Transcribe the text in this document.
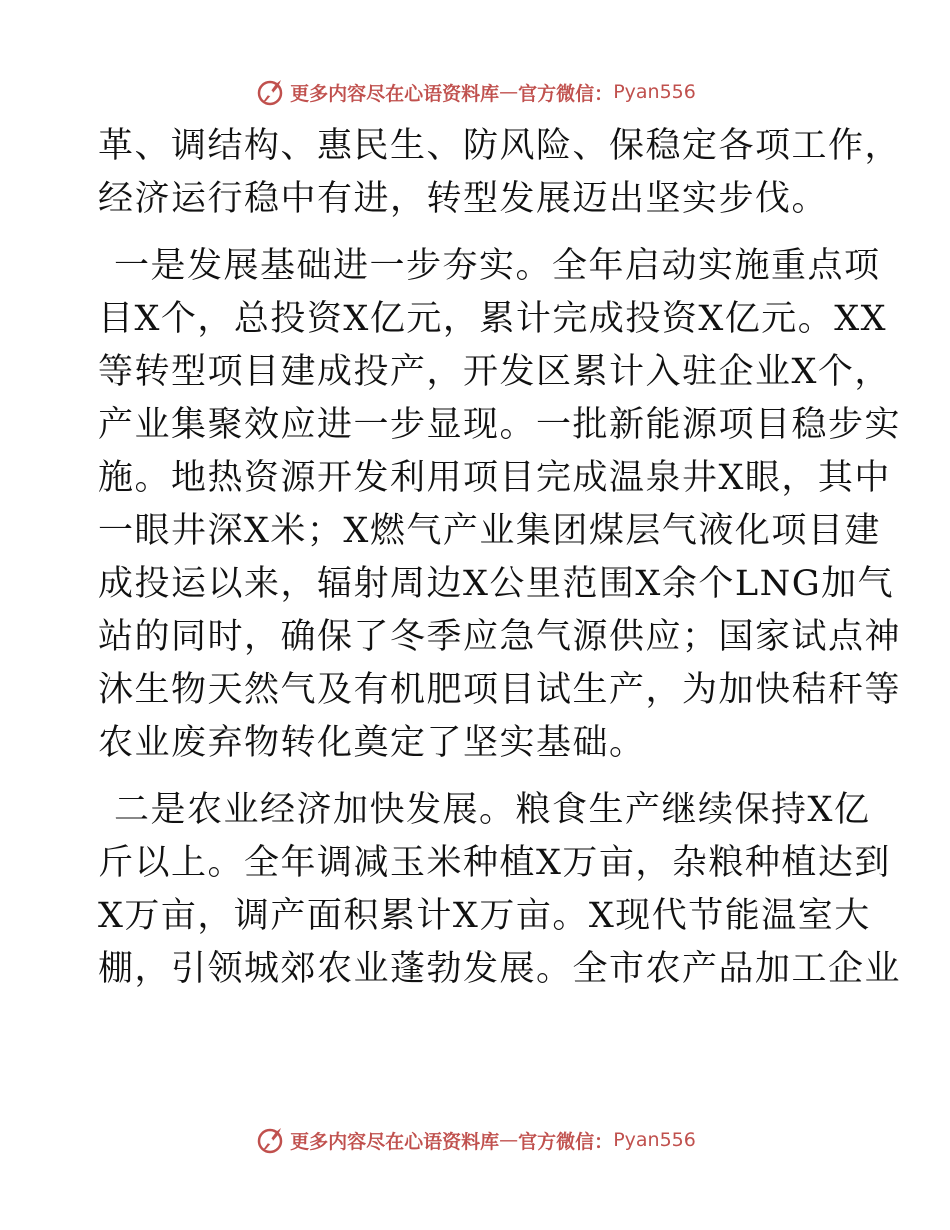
更多内容尽在心语资料库 — 官方微信： Pyan556
革、调结构、惠民生、防风险、保稳定各项工作，
经济运行稳中有进，转型发展迈出坚实步伐。
一是发展基础进一步夯实。全年启动实施重点项
目X个，总投资X亿元，累计完成投资X亿元。XX
等转型项目建成投产，开发区累计入驻企业X个，
产业集聚效应进一步显现。一批新能源项目稳步实
施。地热资源开发利用项目完成温泉井X眼，其中
一眼井深X米；X燃气产业集团煤层气液化项目建
成投运以来，辐射周边X公里范围X余个LNG加气
站的同时，确保了冬季应急气源供应；国家试点神
沐生物天然气及有机肥项目试生产，为加快秸秆等
农业废弃物转化奠定了坚实基础。
二是农业经济加快发展。粮食生产继续保持X亿
斤以上。全年调减玉米种植X万亩，杂粮种植达到
X万亩，调产面积累计X万亩。X现代节能温室大
棚，引领城郊农业蓬勃发展。全市农产品加工企业
更多内容尽在心语资料库 — 官方微信： Pyan556
